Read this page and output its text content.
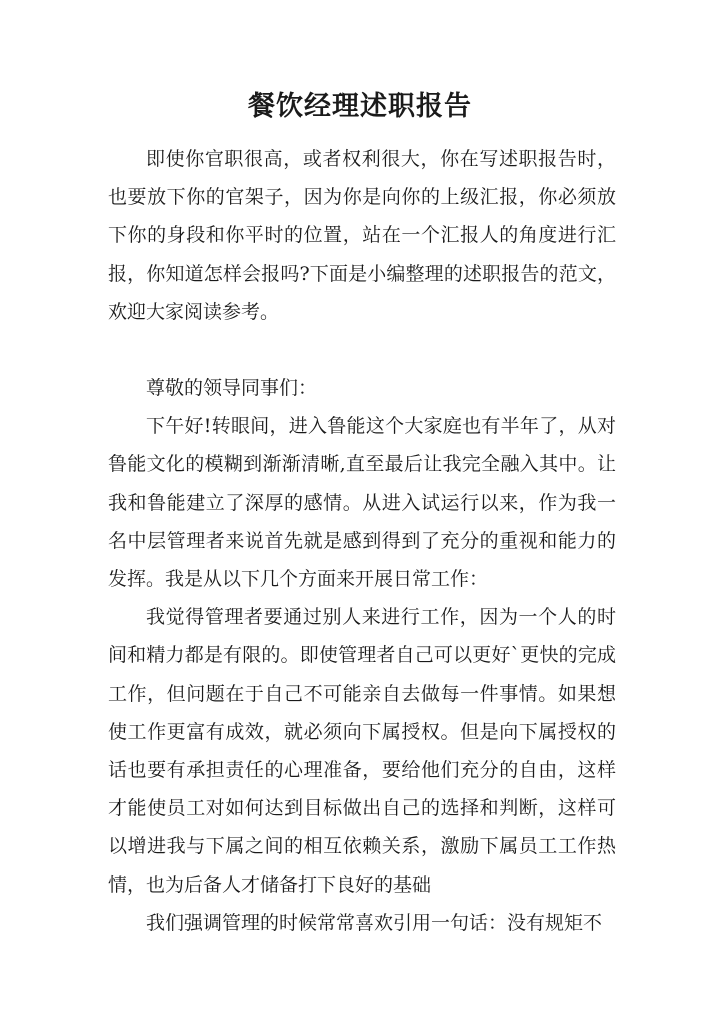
餐饮经理述职报告

即使你官职很高，或者权利很大，你在写述职报告时，也要放下你的官架子，因为你是向你的上级汇报，你必须放下你的身段和你平时的位置，站在一个汇报人的角度进行汇报，你知道怎样会报吗?下面是小编整理的述职报告的范文，欢迎大家阅读参考。

尊敬的领导同事们：

下午好!转眼间，进入鲁能这个大家庭也有半年了，从对鲁能文化的模糊到渐渐清晰,直至最后让我完全融入其中。让我和鲁能建立了深厚的感情。从进入试运行以来，作为我一名中层管理者来说首先就是感到得到了充分的重视和能力的发挥。我是从以下几个方面来开展日常工作：

我觉得管理者要通过别人来进行工作，因为一个人的时间和精力都是有限的。即使管理者自己可以更好`更快的完成工作，但问题在于自己不可能亲自去做每一件事情。如果想使工作更富有成效，就必须向下属授权。但是向下属授权的话也要有承担责任的心理准备，要给他们充分的自由，这样才能使员工对如何达到目标做出自己的选择和判断，这样可以增进我与下属之间的相互依赖关系，激励下属员工工作热情，也为后备人才储备打下良好的基础

我们强调管理的时候常常喜欢引用一句话：没有规矩不
